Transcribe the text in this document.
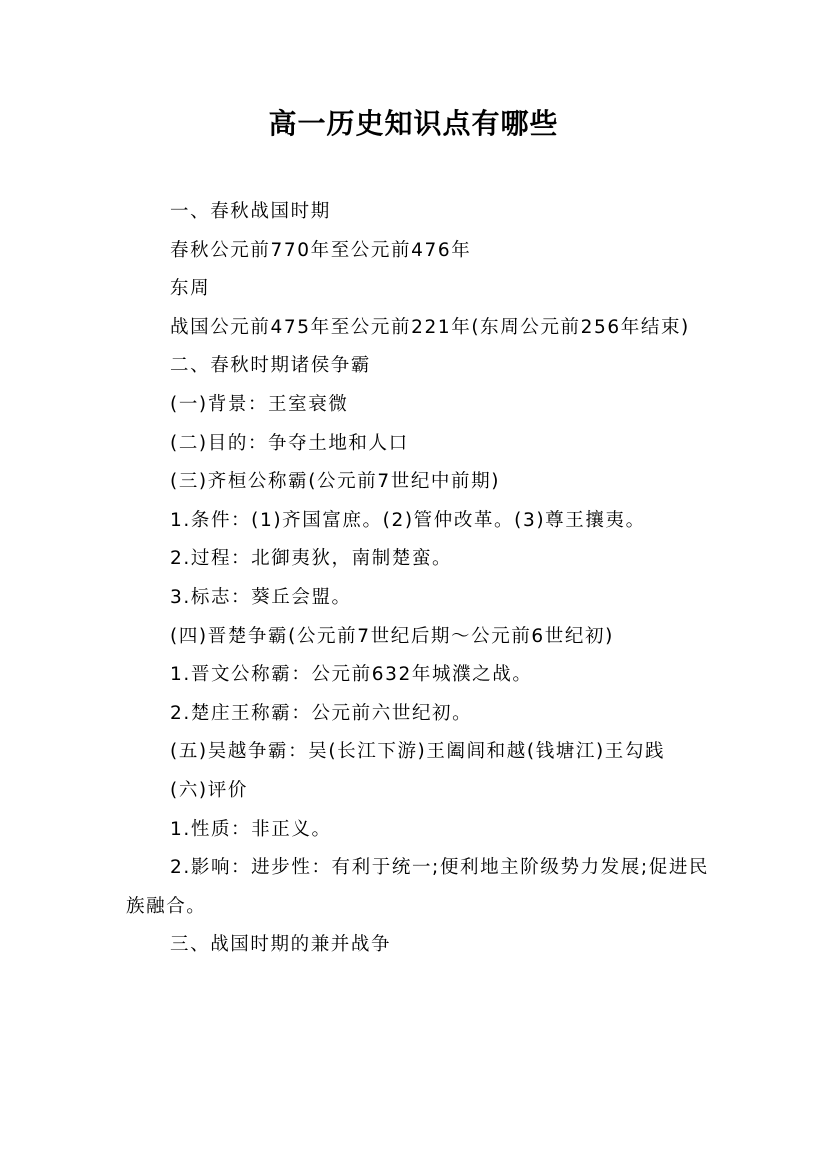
高一历史知识点有哪些

一、春秋战国时期

春秋公元前770年至公元前476年

东周

战国公元前475年至公元前221年(东周公元前256年结束)

二、春秋时期诸侯争霸

(一)背景：王室衰微

(二)目的：争夺土地和人口

(三)齐桓公称霸(公元前7世纪中前期)

1.条件：(1)齐国富庶。(2)管仲改革。(3)尊王攘夷。

2.过程：北御夷狄，南制楚蛮。

3.标志：葵丘会盟。

(四)晋楚争霸(公元前7世纪后期～公元前6世纪初)

1.晋文公称霸：公元前632年城濮之战。

2.楚庄王称霸：公元前六世纪初。

(五)吴越争霸：吴(长江下游)王阖闾和越(钱塘江)王勾践

(六)评价

1.性质：非正义。

2.影响：进步性：有利于统一;便利地主阶级势力发展;促进民族融合。

三、战国时期的兼并战争
